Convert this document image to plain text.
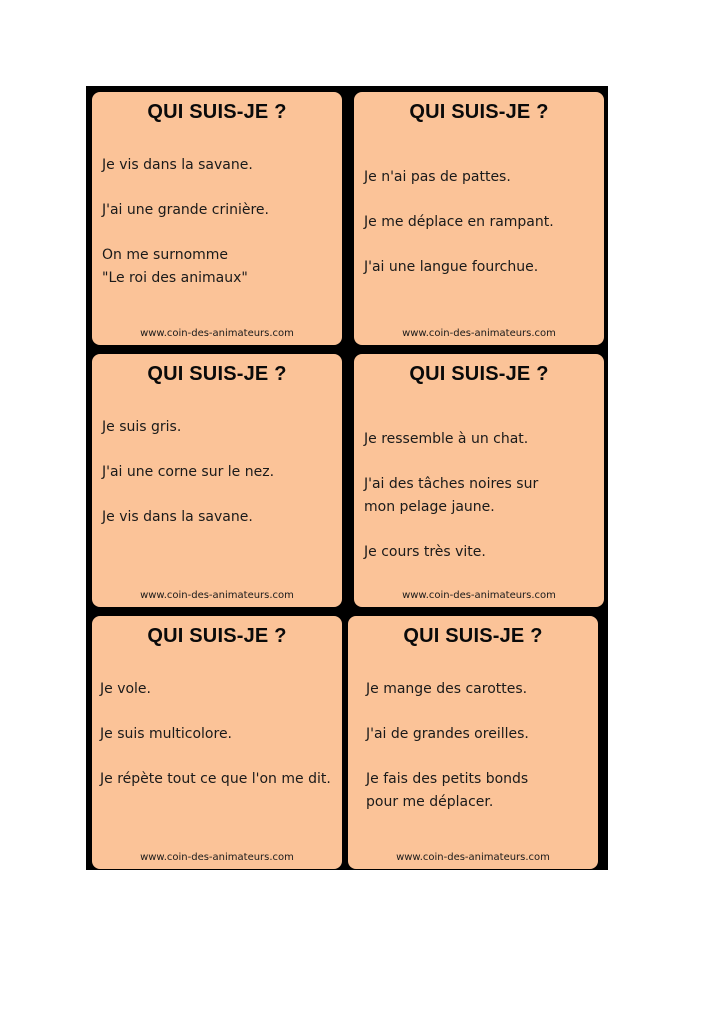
QUI SUIS-JE ?
Je vis dans la savane.
J'ai une grande crinière.
On me surnomme
"Le roi des animaux"
www.coin-des-animateurs.com
QUI SUIS-JE ?
Je n'ai pas de pattes.
Je me déplace en rampant.
J'ai une langue fourchue.
www.coin-des-animateurs.com
QUI SUIS-JE ?
Je suis gris.
J'ai une corne sur le nez.
Je vis dans la savane.
www.coin-des-animateurs.com
QUI SUIS-JE ?
Je ressemble à un chat.
J'ai des tâches noires sur
mon pelage jaune.
Je cours très vite.
www.coin-des-animateurs.com
QUI SUIS-JE ?
Je vole.
Je suis multicolore.
Je répète tout ce que l'on me dit.
www.coin-des-animateurs.com
QUI SUIS-JE ?
Je mange des carottes.
J'ai de grandes oreilles.
Je fais des petits bonds
pour me déplacer.
www.coin-des-animateurs.com
